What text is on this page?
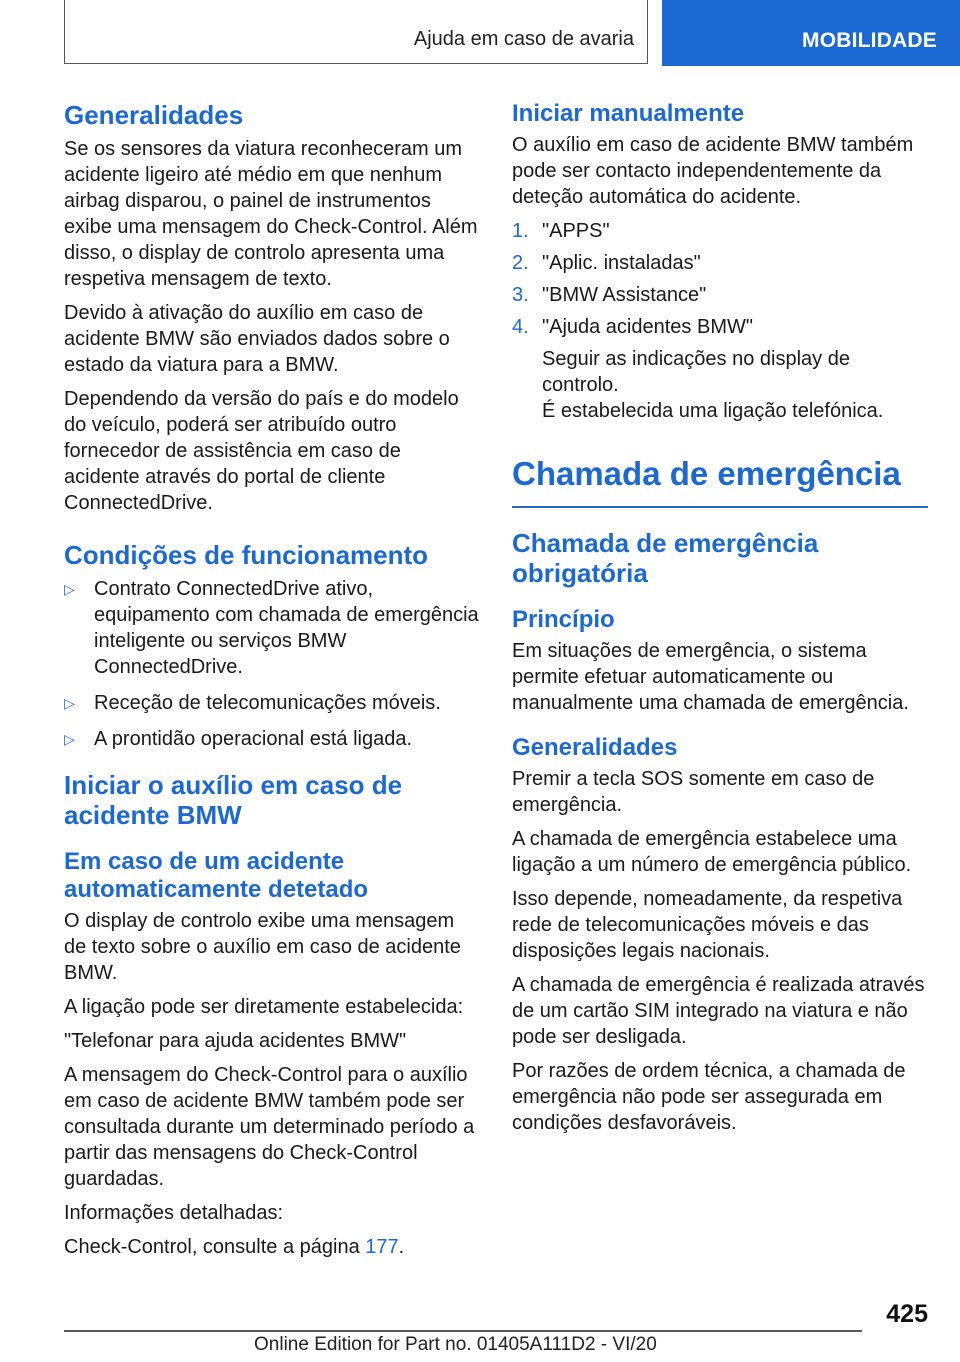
Ajuda em caso de avaria	MOBILIDADE
Generalidades

Se os sensores da viatura reconheceram um acidente ligeiro até médio em que nenhum airbag disparou, o painel de instrumentos exibe uma mensagem do Check-Control. Além disso, o display de controlo apresenta uma respetiva mensagem de texto.

Devido à ativação do auxílio em caso de acidente BMW são enviados dados sobre o estado da viatura para a BMW.

Dependendo da versão do país e do modelo do veículo, poderá ser atribuído outro fornecedor de assistência em caso de acidente através do portal de cliente ConnectedDrive.

Condições de funcionamento
▷ Contrato ConnectedDrive ativo, equipamento com chamada de emergência inteligente ou serviços BMW ConnectedDrive.
▷ Receção de telecomunicações móveis.
▷ A prontidão operacional está ligada.
Iniciar o auxílio em caso de acidente BMW
Em caso de um acidente automaticamente detetado

O display de controlo exibe uma mensagem de texto sobre o auxílio em caso de acidente BMW.

A ligação pode ser diretamente estabelecida:

"Telefonar para ajuda acidentes BMW"

A mensagem do Check-Control para o auxílio em caso de acidente BMW também pode ser consultada durante um determinado período a partir das mensagens do Check-Control guardadas.

Informações detalhadas:

Check-Control, consulte a página 177.

Iniciar manualmente

O auxílio em caso de acidente BMW também pode ser contacto independentemente da deteção automática do acidente.

1. "APPS"
2. "Aplic. instaladas"
3. "BMW Assistance"
4. "Ajuda acidentes BMW"
Seguir as indicações no display de controlo.
É estabelecida uma ligação telefónica.
Chamada de emergência
Chamada de emergência obrigatória
Princípio

Em situações de emergência, o sistema permite efetuar automaticamente ou manualmente uma chamada de emergência.

Generalidades

Premir a tecla SOS somente em caso de emergência.

A chamada de emergência estabelece uma ligação a um número de emergência público.

Isso depende, nomeadamente, da respetiva rede de telecomunicações móveis e das disposições legais nacionais.

A chamada de emergência é realizada através de um cartão SIM integrado na viatura e não pode ser desligada.

Por razões de ordem técnica, a chamada de emergência não pode ser assegurada em condições desfavoráveis.

425
Online Edition for Part no. 01405A111D2 - VI/20
